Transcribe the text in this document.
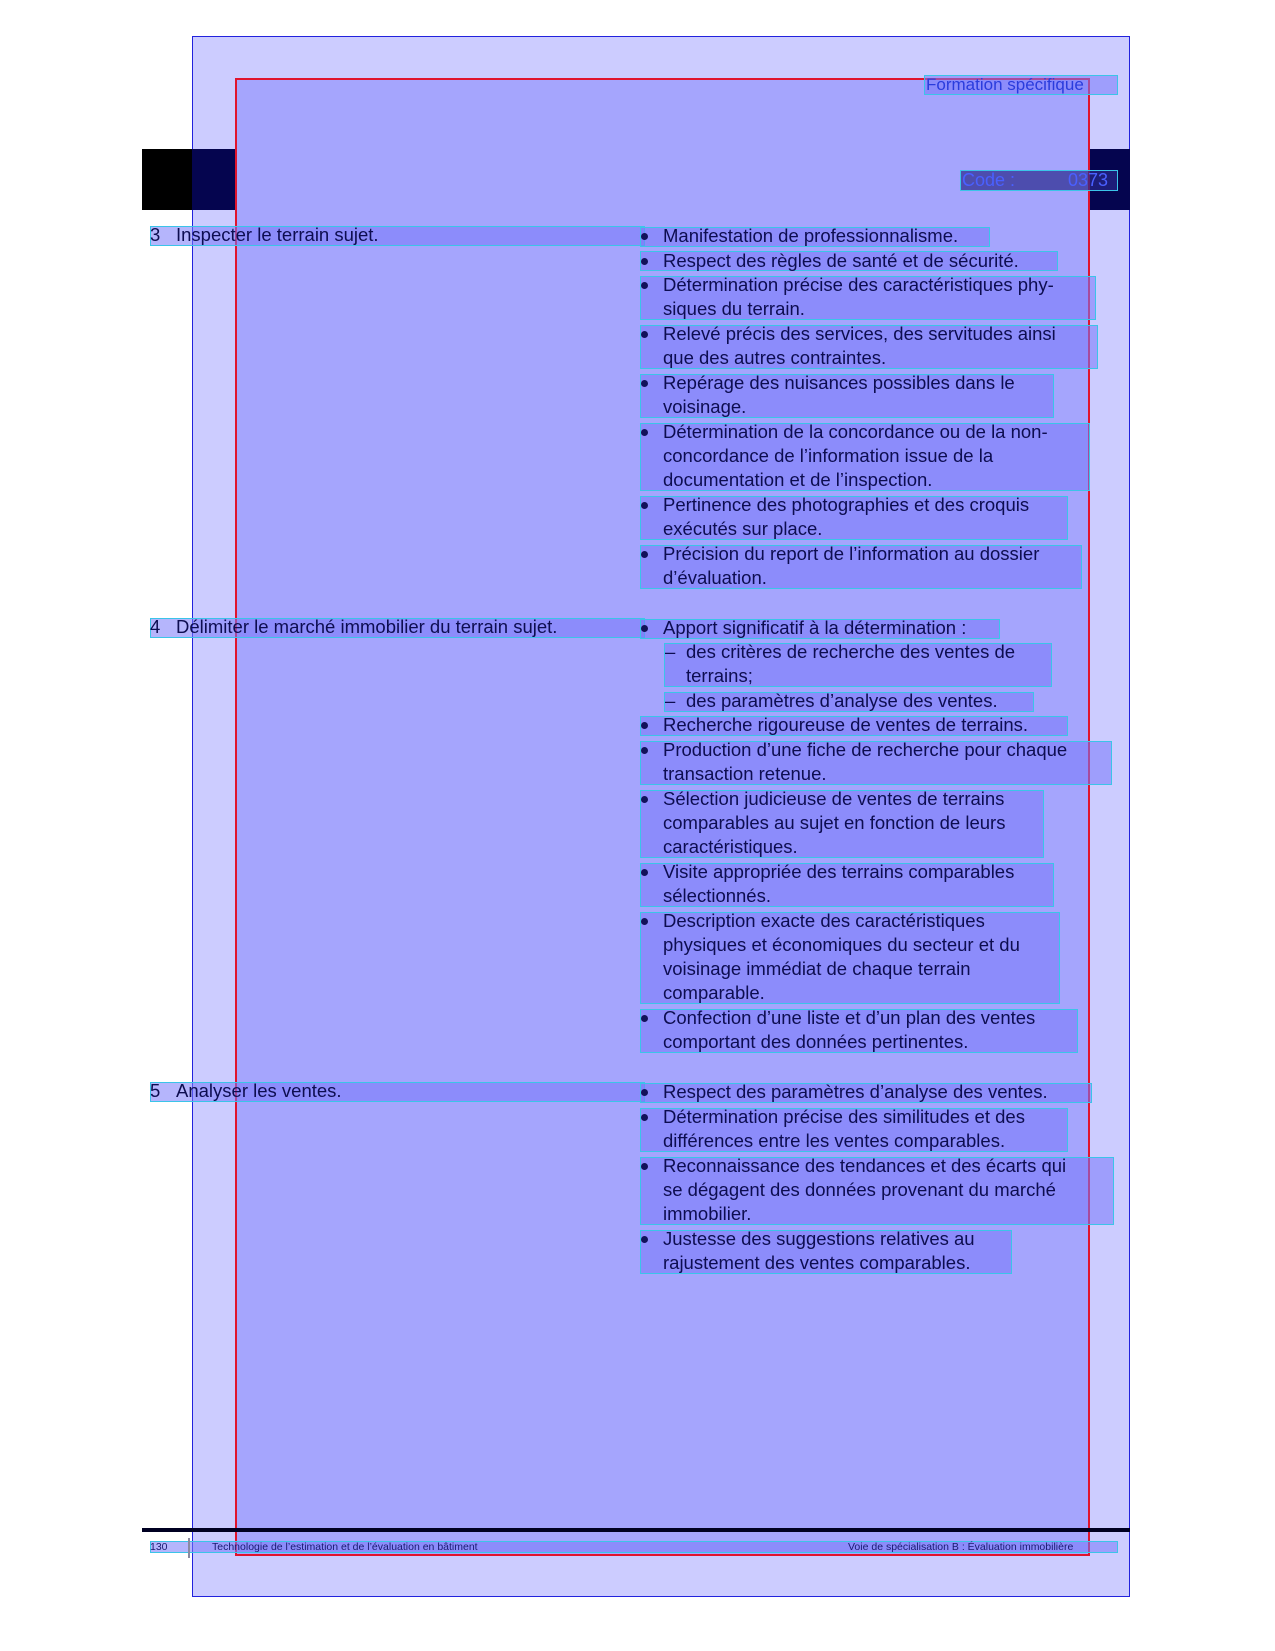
Formation spécifique
Code :	0373
3 Inspecter le terrain sujet.	Manifestation de professionnalisme.
Respect des règles de santé et de sécurité.
Détermination précise des caractéristiques phy-
siques du terrain.
Relevé précis des services, des servitudes ainsi
que des autres contraintes.
Repérage des nuisances possibles dans le
voisinage.
Détermination de la concordance ou de la non-
concordance de l’information issue de la
documentation et de l’inspection.
Pertinence des photographies et des croquis
exécutés sur place.
Précision du report de l’information au dossier
d’évaluation.
4 Délimiter le marché immobilier du terrain sujet.	Apport significatif à la détermination :
– des critères de recherche des ventes de
terrains;
– des paramètres d’analyse des ventes.
Recherche rigoureuse de ventes de terrains.
Production d’une fiche de recherche pour chaque
transaction retenue.
Sélection judicieuse de ventes de terrains
comparables au sujet en fonction de leurs
caractéristiques.
Visite appropriée des terrains comparables
sélectionnés.
Description exacte des caractéristiques
physiques et économiques du secteur et du
voisinage immédiat de chaque terrain
comparable.
Confection d’une liste et d’un plan des ventes
comportant des données pertinentes.
5 Analyser les ventes.	Respect des paramètres d’analyse des ventes.
Détermination précise des similitudes et des
différences entre les ventes comparables.
Reconnaissance des tendances et des écarts qui
se dégagent des données provenant du marché
immobilier.
Justesse des suggestions relatives au
rajustement des ventes comparables.
130	Technologie de l’estimation et de l’évaluation en bâtiment	Voie de spécialisation B : Évaluation immobilière
